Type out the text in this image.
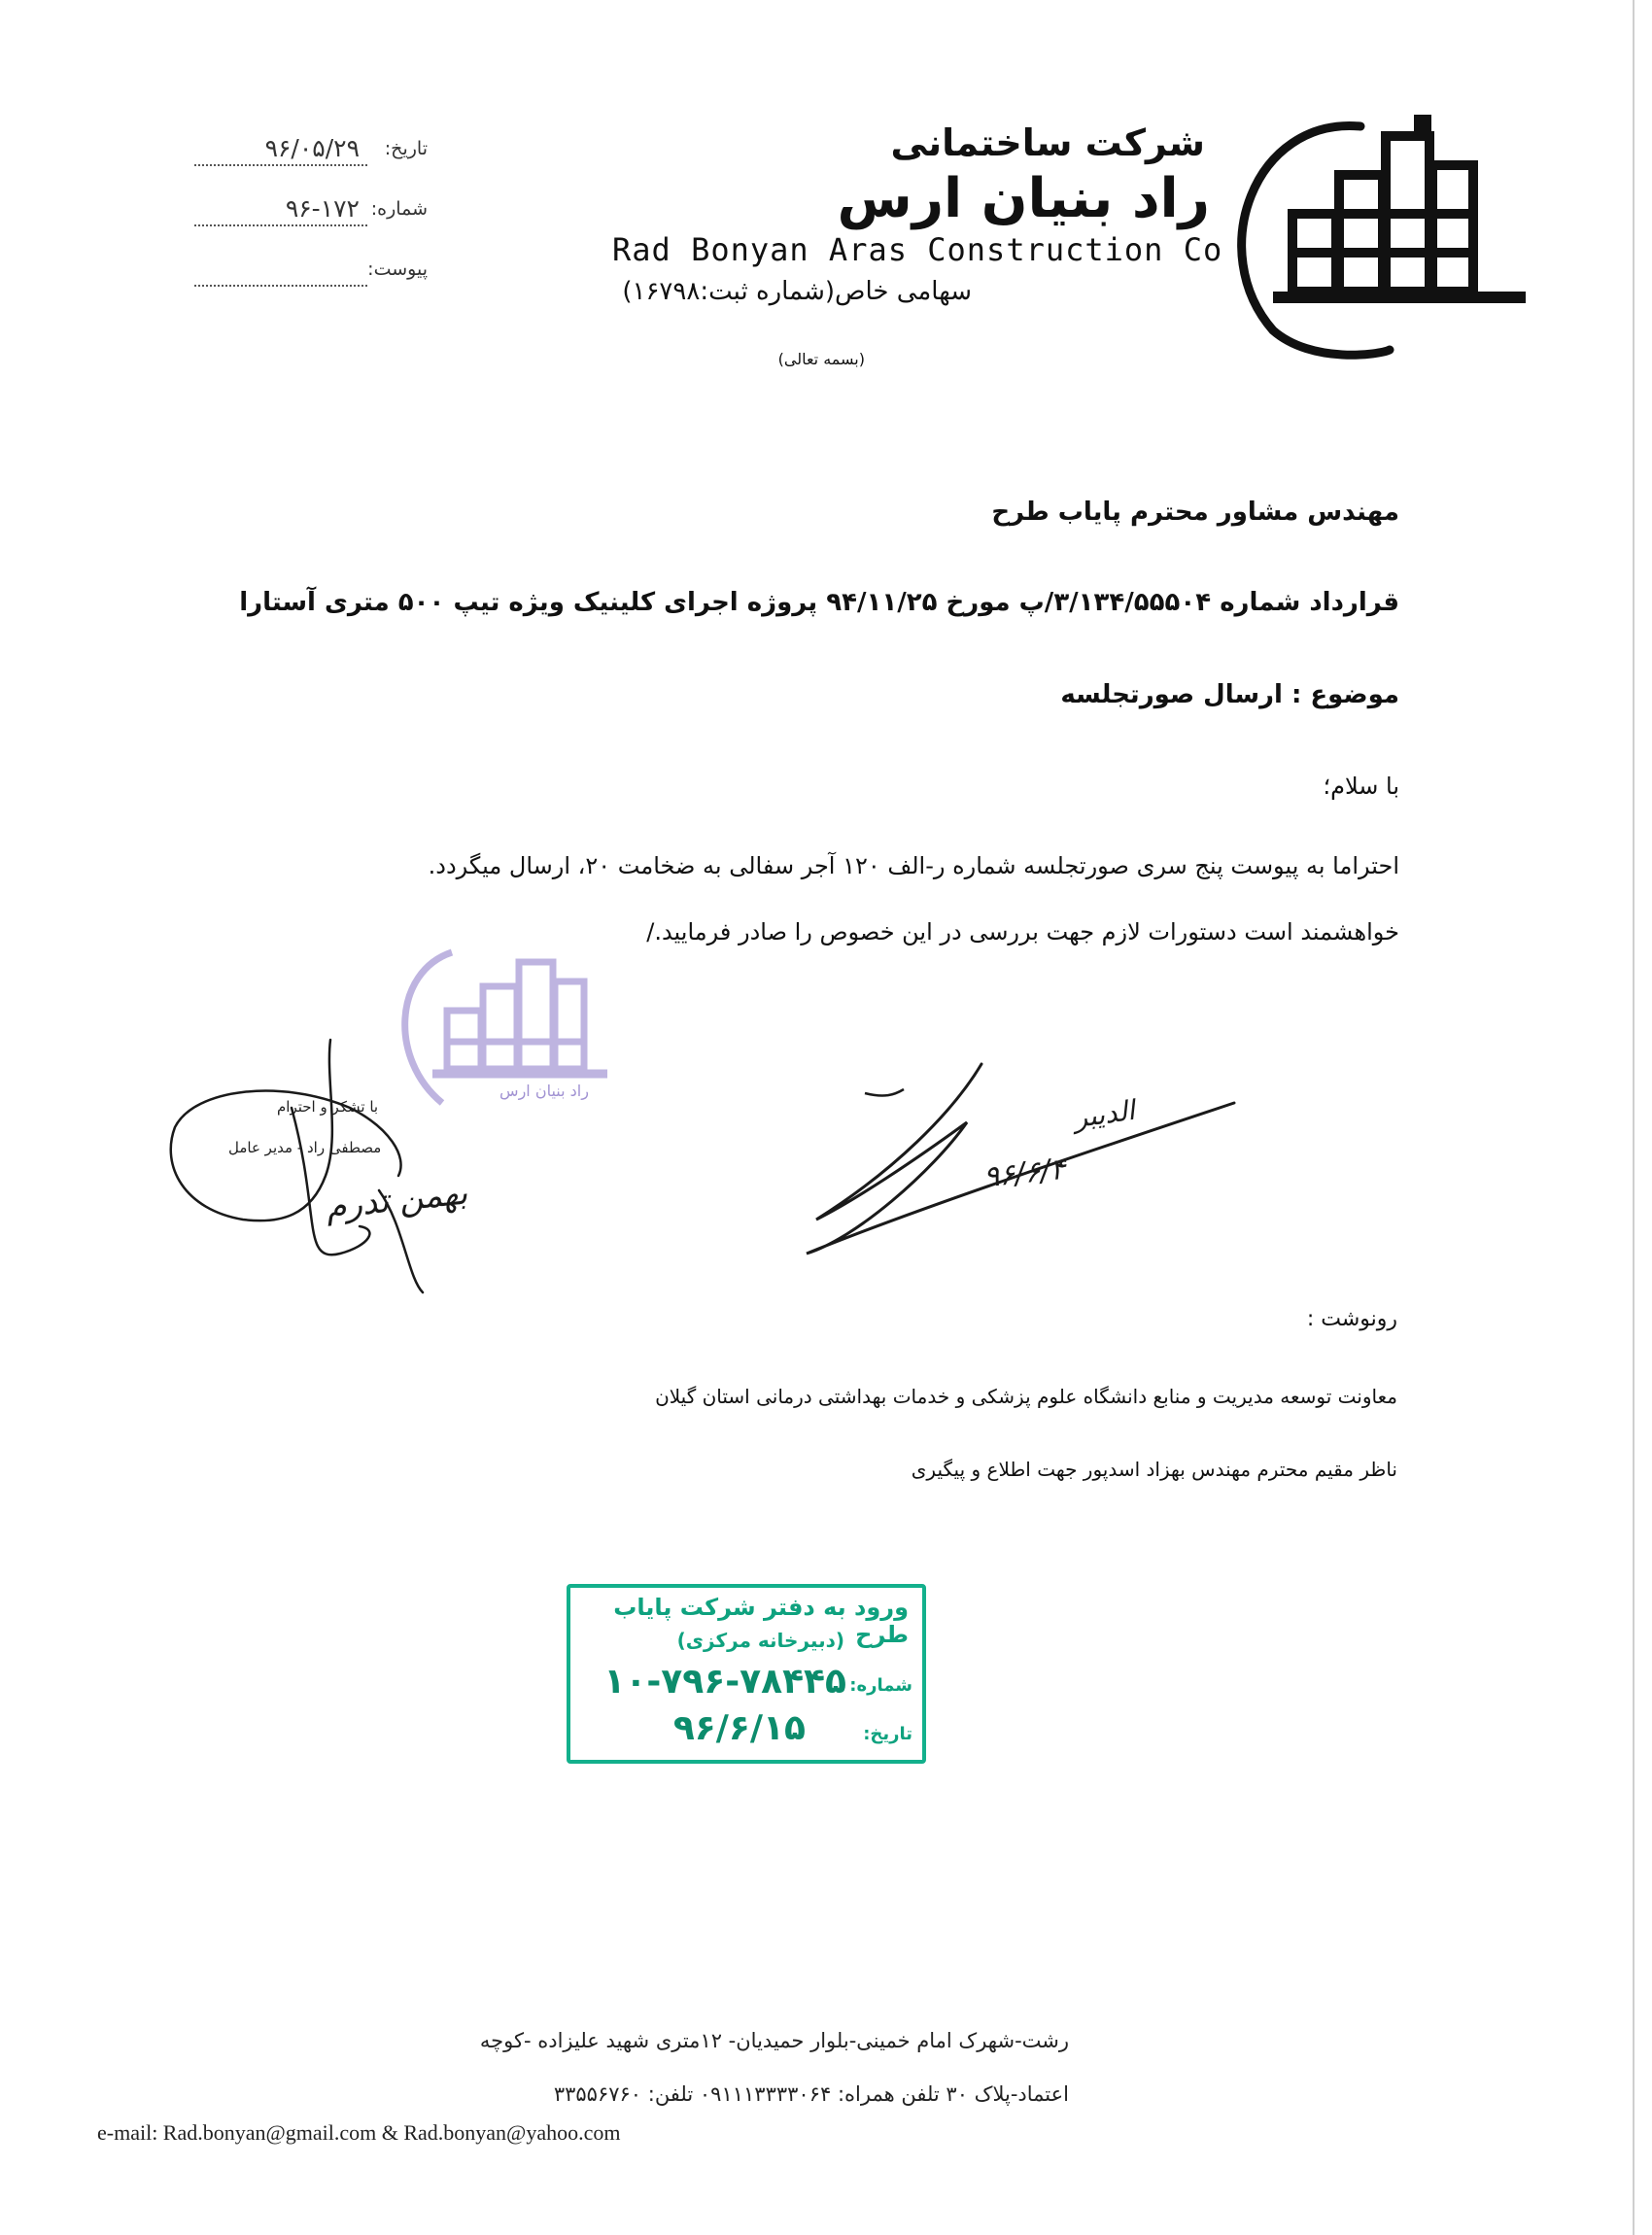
تاریخ:
۹۶/۰۵/۲۹
شماره:
۹۶-۱۷۲
پیوست:
شرکت ساختمانی
راد بنیان ارس
Rad Bonyan Aras Construction Co
سهامی خاص(شماره ثبت:۱۶۷۹۸)
(بسمه تعالی)
مهندس مشاور محترم پایاب طرح
قرارداد شماره ۳/۱۳۴/۵۵۵۰۴/پ مورخ ۹۴/۱۱/۲۵ پروژه اجرای کلینیک ویژه تیپ ۵۰۰ متری آستارا
موضوع : ارسال صورتجلسه
با سلام؛
احتراما به پیوست پنج سری صورتجلسه شماره ر-الف ۱۲۰ آجر سفالی به ضخامت ۲۰، ارسال میگردد.
خواهشمند است دستورات لازم جهت بررسی در این خصوص را صادر فرمایید./
راد بنیان ارس
با تشکر و احترام
مصطفی راد - مدیر عامل
بهمن تدرم
الدیبر
۹۶/۶/۴
رونوشت :
معاونت توسعه مدیریت و منابع دانشگاه علوم پزشکی و خدمات بهداشتی درمانی استان گیلان
ناظر مقیم محترم مهندس بهزاد اسدپور جهت اطلاع و پیگیری
ورود به دفتر شرکت پایاب طرح
(دبیرخانه مرکزی)
شماره:
۱۰-۷۹۶-۷۸۴۴۵
تاریخ:
۹۶/۶/۱۵
رشت-شهرک امام خمینی-بلوار حمیدیان- ۱۲متری شهید علیزاده -کوچه
اعتماد-پلاک ۳۰ تلفن همراه: ۰۹۱۱۱۳۳۳۳۰۶۴ تلفن: ۳۳۵۵۶۷۶۰
e-mail: Rad.bonyan@gmail.com & Rad.bonyan@yahoo.com
